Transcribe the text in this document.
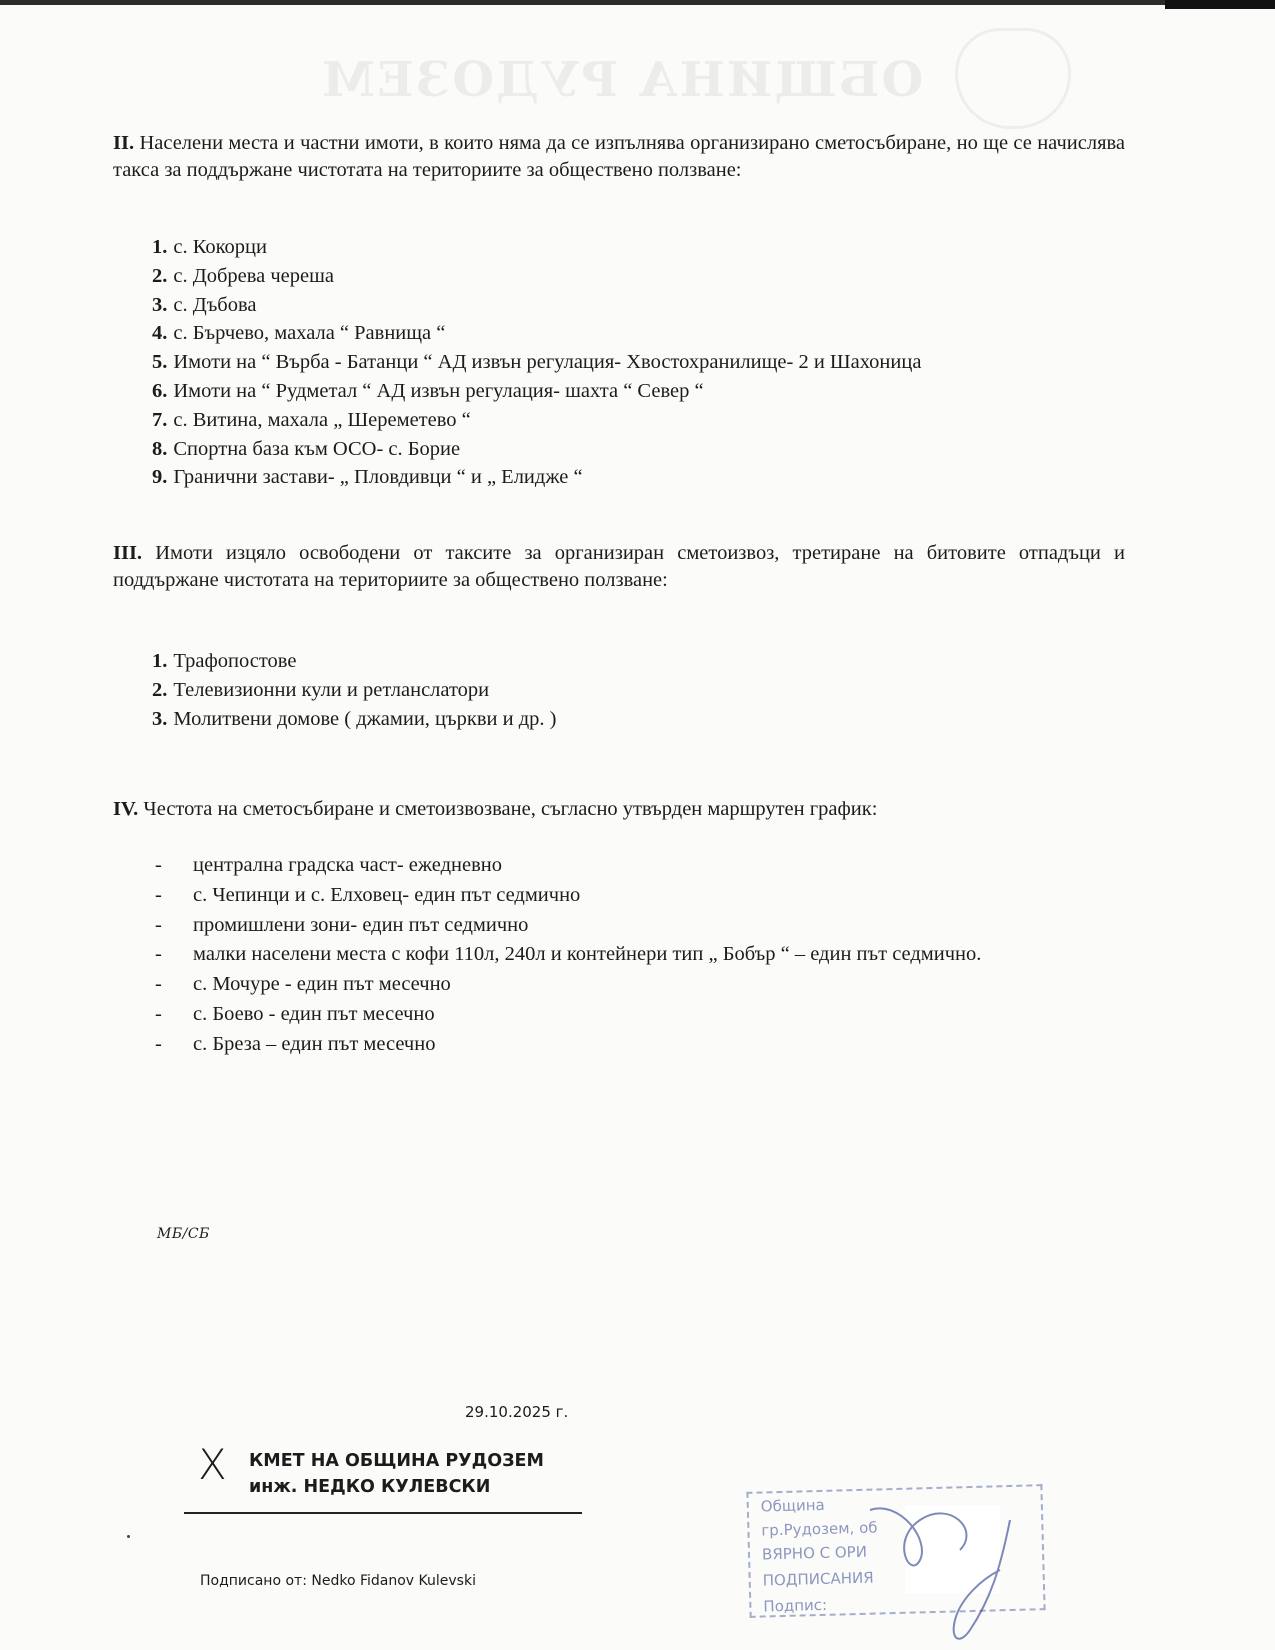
ОБЩИНА РУДОЗЕМ

II. Населени места и частни имоти, в които няма да се изпълнява организирано сметосъбиране, но ще се начислява такса за поддържане чистотата на териториите за обществено ползване:

1. с. Кокорци
2. с. Добрева череша
3. с. Дъбова
4. с. Бърчево, махала “ Равнища “
5. Имоти на “ Върба - Батанци “ АД извън регулация- Хвостохранилище- 2 и Шахоница
6. Имоти на “ Рудметал “ АД извън регулация- шахта “ Север “
7. с. Витина, махала „ Шереметево “
8. Спортна база към ОСО- с. Борие
9. Гранични застави- „ Пловдивци “ и „ Елидже “

III. Имоти изцяло освободени от таксите за организиран сметоизвоз, третиране на битовите отпадъци и поддържане чистотата на териториите за обществено ползване:

1. Трафопостове
2. Телевизионни кули и ретланслатори
3. Молитвени домове ( джамии, църкви и др. )

IV. Честота на сметосъбиране и сметоизвозване, съгласно утвърден маршрутен график:

- централна градска част- ежедневно
- с. Чепинци и с. Елховец- един път седмично
- промишлени зони- един път седмично
- малки населени места с кофи 110л, 240л и контейнери тип „ Бобър “ – един път седмично.
- с. Мочуре - един път месечно
- с. Боево - един път месечно
- с. Бреза – един път месечно
МБ/СБ
29.10.2025 г.
X КМЕТ НА ОБЩИНА РУДОЗЕМ
инж. НЕДКО КУЛЕВСКИ
Подписано от: Nedko Fidanov Kulevski
Община
гр.Рудозем, об
ВЯРНО С ОРИ
ПОДПИСАНИЯ
Подпис:
